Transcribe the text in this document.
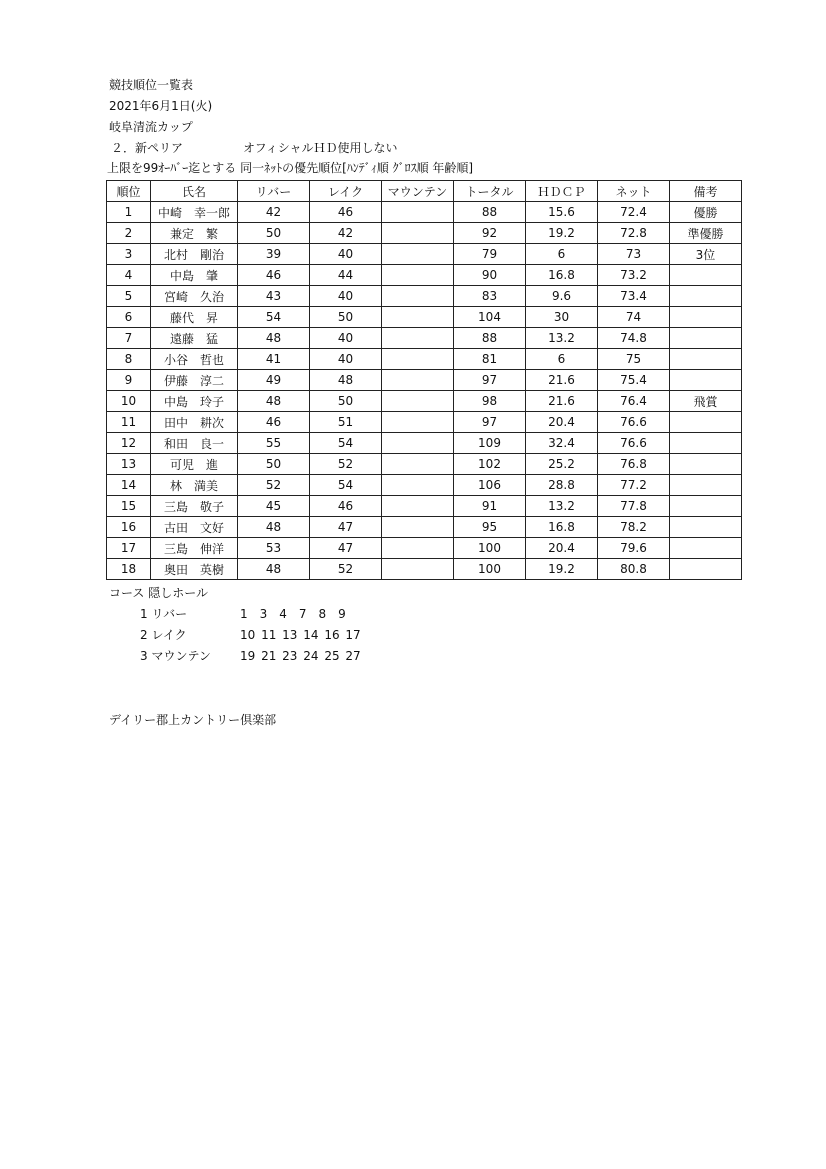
競技順位一覧表
2021年6月1日(火)
岐阜清流カップ
２．新ペリア	オフィシャルＨＤ使用しない
上限を99ｵｰﾊﾞｰ迄とする 同一ﾈｯﾄの優先順位[ﾊﾝﾃﾞｨ順 ｸﾞﾛｽ順 年齢順]
順位	氏名	リバー	レイク	マウンテン	トータル	ＨＤＣＰ	ネット	備考
1	中崎　幸一郎	42	46		88	15.6	72.4	優勝
2	兼定　繁	50	42		92	19.2	72.8	準優勝
3	北村　剛治	39	40		79	6	73	3位
4	中島　肇	46	44		90	16.8	73.2	
5	宮崎　久治	43	40		83	9.6	73.4	
6	藤代　昇	54	50		104	30	74	
7	遠藤　猛	48	40		88	13.2	74.8	
8	小谷　哲也	41	40		81	6	75	
9	伊藤　淳二	49	48		97	21.6	75.4	
10	中島　玲子	48	50		98	21.6	76.4	飛賞
11	田中　耕次	46	51		97	20.4	76.6	
12	和田　良一	55	54		109	32.4	76.6	
13	可児　進	50	52		102	25.2	76.8	
14	林　満美	52	54		106	28.8	77.2	
15	三島　敬子	45	46		91	13.2	77.8	
16	古田　文好	48	47		95	16.8	78.2	
17	三島　伸洋	53	47		100	20.4	79.6	
18	奥田　英樹	48	52		100	19.2	80.8	
コース 隠しホール
1 リバー	1　3　4　7　8　9
2 レイク	10 11 13 14 16 17
3 マウンテン 19 21 23 24 25 27
デイリー郡上カントリー倶楽部
